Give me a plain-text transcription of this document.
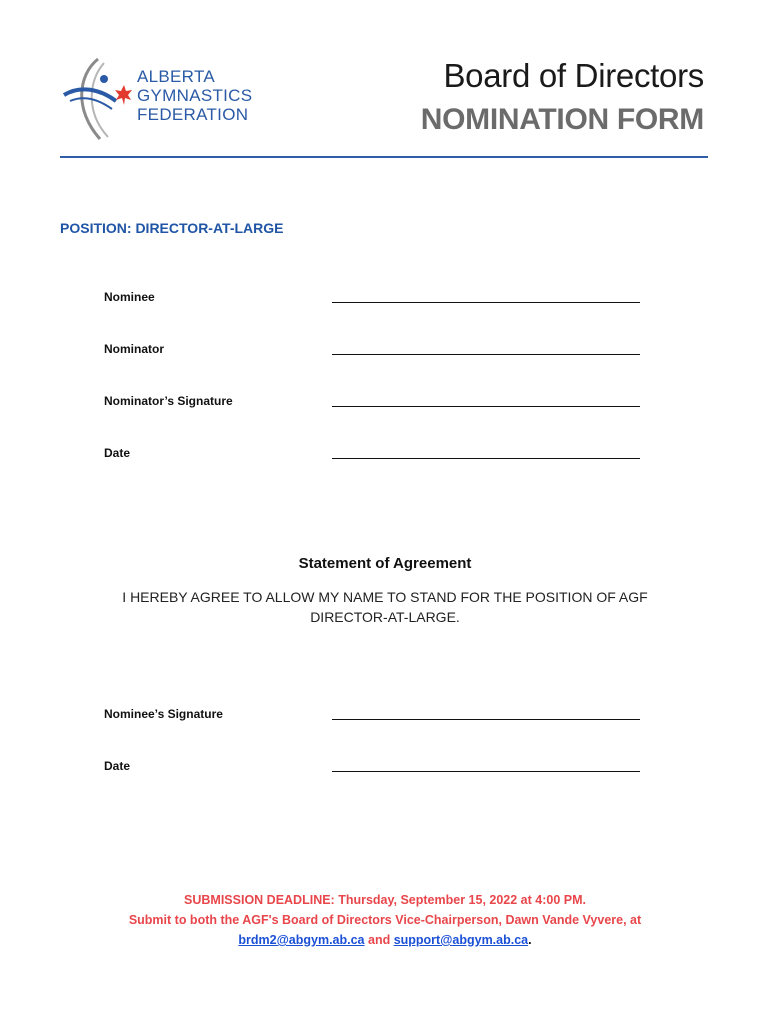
ALBERTA
GYMNASTICS
FEDERATION
Board of Directors
NOMINATION FORM
POSITION: DIRECTOR-AT-LARGE
Nominee
Nominator
Nominator’s Signature
Date
Statement of Agreement
I HEREBY AGREE TO ALLOW MY NAME TO STAND FOR THE POSITION OF AGF DIRECTOR-AT-LARGE.
Nominee’s Signature
Date
SUBMISSION DEADLINE: Thursday, September 15, 2022 at 4:00 PM.
Submit to both the AGF's Board of Directors Vice-Chairperson, Dawn Vande Vyvere, at
brdm2@abgym.ab.ca and support@abgym.ab.ca.
